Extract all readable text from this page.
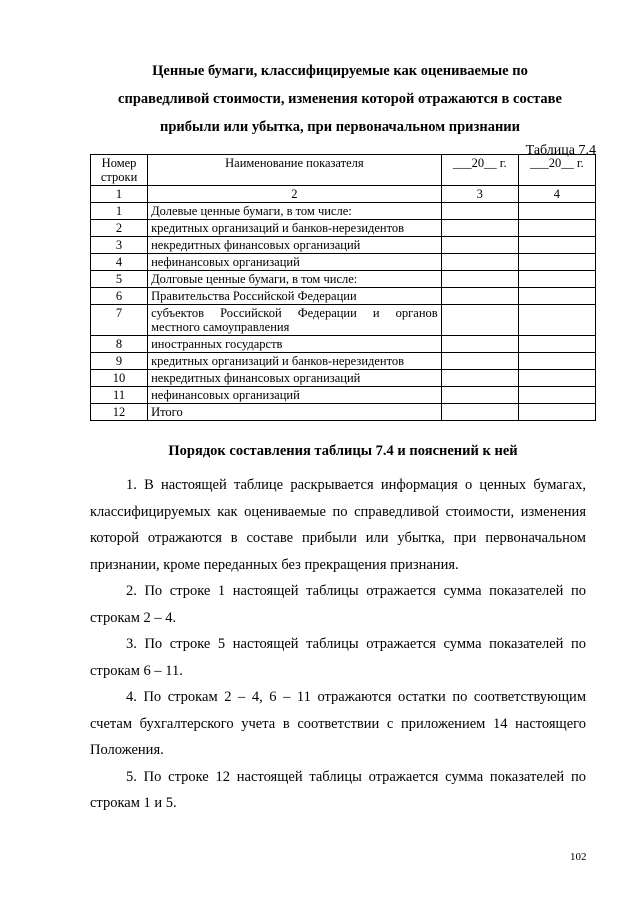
Ценные бумаги, классифицируемые как оцениваемые по
справедливой стоимости, изменения которой отражаются в составе
прибыли или убытка, при первоначальном признании
Таблица 7.4
Номер строки	Наименование показателя	___20__ г.	___20__ г.
1	2	3	4
1	Долевые ценные бумаги, в том числе:		
2	кредитных организаций и банков-нерезидентов		
3	некредитных финансовых организаций		
4	нефинансовых организаций		
5	Долговые ценные бумаги, в том числе:		
6	Правительства Российской Федерации		
7	субъектов Российской Федерации и органов местного самоуправления		
8	иностранных государств		
9	кредитных организаций и банков-нерезидентов		
10	некредитных финансовых организаций		
11	нефинансовых организаций		
12	Итого		
Порядок составления таблицы 7.4 и пояснений к ней

1. В настоящей таблице раскрывается информация о ценных бумагах, классифицируемых как оцениваемые по справедливой стоимости, изменения которой отражаются в составе прибыли или убытка, при первоначальном признании, кроме переданных без прекращения признания.

2. По строке 1 настоящей таблицы отражается сумма показателей по строкам 2 – 4.

3. По строке 5 настоящей таблицы отражается сумма показателей по строкам 6 – 11.

4. По строкам 2 – 4, 6 – 11 отражаются остатки по соответствующим счетам бухгалтерского учета в соответствии с приложением 14 настоящего Положения.

5. По строке 12 настоящей таблицы отражается сумма показателей по строкам 1 и 5.

102
